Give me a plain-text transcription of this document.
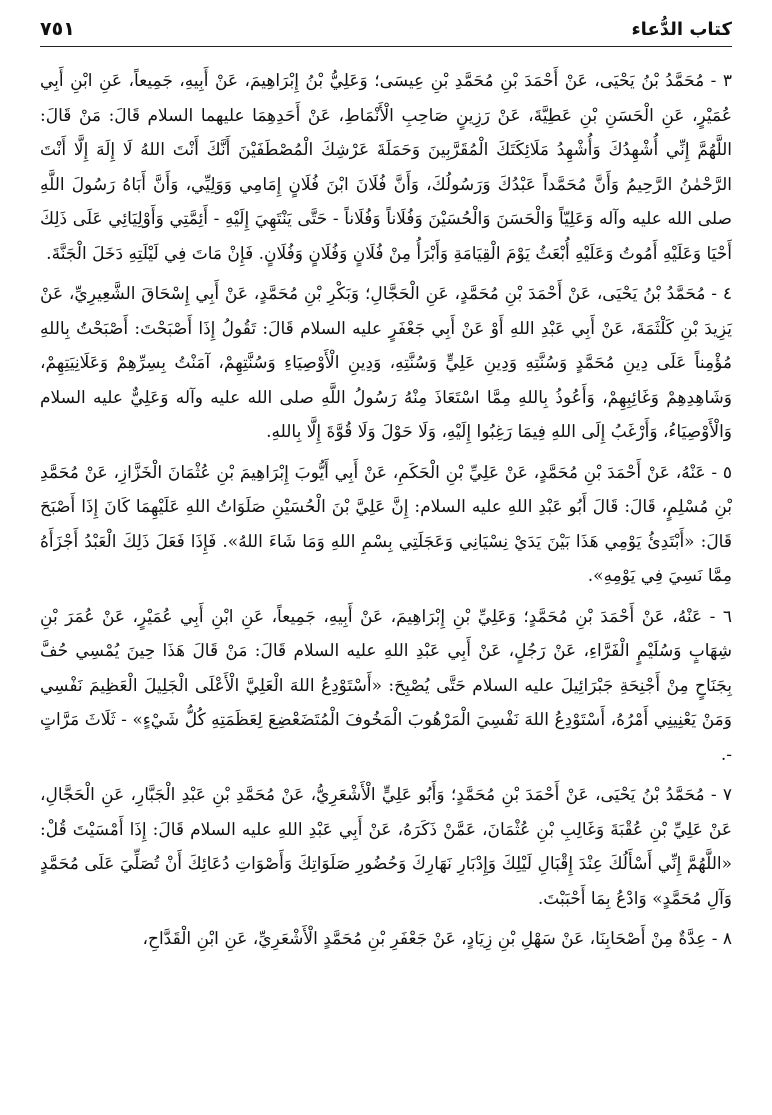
كتاب الدُّعاء
٧٥١

٣ - مُحَمَّدُ بْنُ يَحْيَى، عَنْ أَحْمَدَ بْنِ مُحَمَّدِ بْنِ عِيسَى؛ وَعَلِيُّ بْنُ إِبْرَاهِيمَ، عَنْ أَبِيهِ، جَمِيعاً، عَنِ ابْنِ أَبِي عُمَيْرٍ، عَنِ الْحَسَنِ بْنِ عَطِيَّةَ، عَنْ رَزِينٍ صَاحِبِ الْأَنْمَاطِ، عَنْ أَحَدِهِمَا عليهما السلام قَالَ: مَنْ قَالَ: اللَّهُمَّ إِنِّي أُشْهِدُكَ وَأُشْهِدُ مَلَائِكَتَكَ الْمُقَرَّبِينَ وَحَمَلَةَ عَرْشِكَ الْمُصْطَفَيْنَ أَنَّكَ أَنْتَ اللهُ لَا إِلَهَ إِلَّا أَنْتَ الرَّحْمٰنُ الرَّحِيمُ وَأَنَّ مُحَمَّداً عَبْدُكَ وَرَسُولُكَ، وَأَنَّ فُلَانَ ابْنَ فُلَانٍ إِمَامِي وَوَلِيِّي، وَأَنَّ أَبَاهُ رَسُولَ اللَّهِ صلى الله عليه وآله وَعَلِيّاً وَالْحَسَنَ وَالْحُسَيْنَ وَفُلَاناً وَفُلَاناً - حَتَّى يَنْتَهِيَ إِلَيْهِ - أَئِمَّتِي وَأَوْلِيَائِي عَلَى ذَلِكَ أَحْيَا وَعَلَيْهِ أَمُوتُ وَعَلَيْهِ أُبْعَثُ يَوْمَ الْقِيَامَةِ وَأَبْرَأُ مِنْ فُلَانٍ وَفُلَانٍ وَفُلَانٍ. فَإِنْ مَاتَ فِي لَيْلَتِهِ دَخَلَ الْجَنَّةَ.

٤ - مُحَمَّدُ بْنُ يَحْيَى، عَنْ أَحْمَدَ بْنِ مُحَمَّدٍ، عَنِ الْحَجَّالِ؛ وَبَكْرِ بْنِ مُحَمَّدٍ، عَنْ أَبِي إِسْحَاقَ الشَّعِيرِيِّ، عَنْ يَزِيدَ بْنِ كَلْثَمَةَ، عَنْ أَبِي عَبْدِ اللهِ أَوْ عَنْ أَبِي جَعْفَرٍ عليه السلام قَالَ: تَقُولُ إِذَا أَصْبَحْتَ: أَصْبَحْتُ بِاللهِ مُؤْمِناً عَلَى دِينِ مُحَمَّدٍ وَسُنَّتِهِ وَدِينِ عَلِيٍّ وَسُنَّتِهِ، وَدِينِ الْأَوْصِيَاءِ وَسُنَّتِهِمْ، آمَنْتُ بِسِرِّهِمْ وَعَلَانِيَتِهِمْ، وَشَاهِدِهِمْ وَغَائِبِهِمْ، وَأَعُوذُ بِاللهِ مِمَّا اسْتَعَاذَ مِنْهُ رَسُولُ اللَّهِ صلى الله عليه وآله وَعَلِيٌّ عليه السلام وَالْأَوْصِيَاءُ، وَأَرْغَبُ إِلَى اللهِ فِيمَا رَغِبُوا إِلَيْهِ، وَلَا حَوْلَ وَلَا قُوَّةَ إِلَّا بِاللهِ.

٥ - عَنْهُ، عَنْ أَحْمَدَ بْنِ مُحَمَّدٍ، عَنْ عَلِيِّ بْنِ الْحَكَمِ، عَنْ أَبِي أَيُّوبَ إِبْرَاهِيمَ بْنِ عُثْمَانَ الْخَزَّازِ، عَنْ مُحَمَّدِ بْنِ مُسْلِمٍ، قَالَ: قَالَ أَبُو عَبْدِ اللهِ عليه السلام: إِنَّ عَلِيَّ بْنَ الْحُسَيْنِ صَلَوَاتُ اللهِ عَلَيْهِمَا كَانَ إِذَا أَصْبَحَ قَالَ: «أَبْتَدِئُ يَوْمِي هَذَا بَيْنَ يَدَيْ نِسْيَانِي وَعَجَلَتِي بِسْمِ اللهِ وَمَا شَاءَ اللهُ». فَإِذَا فَعَلَ ذَلِكَ الْعَبْدُ أَجْزَأَهُ مِمَّا نَسِيَ فِي يَوْمِهِ».

٦ - عَنْهُ، عَنْ أَحْمَدَ بْنِ مُحَمَّدٍ؛ وَعَلِيِّ بْنِ إِبْرَاهِيمَ، عَنْ أَبِيهِ، جَمِيعاً، عَنِ ابْنِ أَبِي عُمَيْرٍ، عَنْ عُمَرَ بْنِ شِهَابٍ وَسُلَيْمٍ الْفَرَّاءِ، عَنْ رَجُلٍ، عَنْ أَبِي عَبْدِ اللهِ عليه السلام قَالَ: مَنْ قَالَ هَذَا حِينَ يُمْسِي حُفَّ بِجَنَاحٍ مِنْ أَجْنِحَةِ جَبْرَائِيلَ عليه السلام حَتَّى يُصْبِحَ: «أَسْتَوْدِعُ اللهَ الْعَلِيَّ الْأَعْلَى الْجَلِيلَ الْعَظِيمَ نَفْسِي وَمَنْ يَعْنِينِي أَمْرُهُ، أَسْتَوْدِعُ اللهَ نَفْسِيَ الْمَرْهُوبَ الْمَخُوفَ الْمُتَضَعْضِعَ لِعَظَمَتِهِ كُلُّ شَيْءٍ» - ثَلَاثَ مَرَّاتٍ -.

٧ - مُحَمَّدُ بْنُ يَحْيَى، عَنْ أَحْمَدَ بْنِ مُحَمَّدٍ؛ وَأَبُو عَلِيٍّ الْأَشْعَرِيُّ، عَنْ مُحَمَّدِ بْنِ عَبْدِ الْجَبَّارِ، عَنِ الْحَجَّالِ، عَنْ عَلِيِّ بْنِ عُقْبَةَ وَغَالِبِ بْنِ عُثْمَانَ، عَمَّنْ ذَكَرَهُ، عَنْ أَبِي عَبْدِ اللهِ عليه السلام قَالَ: إِذَا أَمْسَيْتَ قُلْ: «اللَّهُمَّ إِنِّي أَسْأَلُكَ عِنْدَ إِقْبَالِ لَيْلِكَ وَإِدْبَارِ نَهَارِكَ وَحُضُورِ صَلَوَاتِكَ وَأَصْوَاتِ دُعَائِكَ أَنْ تُصَلِّيَ عَلَى مُحَمَّدٍ وَآلِ مُحَمَّدٍ» وَادْعُ بِمَا أَحْبَبْتَ.

٨ - عِدَّةٌ مِنْ أَصْحَابِنَا، عَنْ سَهْلِ بْنِ زِيَادٍ، عَنْ جَعْفَرِ بْنِ مُحَمَّدٍ الْأَشْعَرِيِّ، عَنِ ابْنِ الْقَدَّاحِ،
